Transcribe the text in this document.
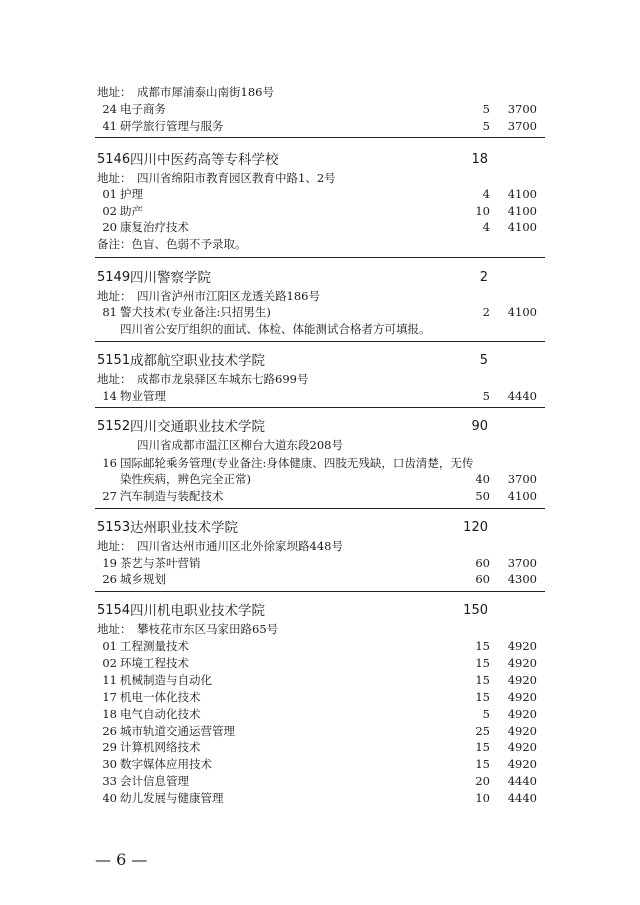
地址： 成都市犀浦泰山南街186号
24 电子商务	5	3700
41 研学旅行管理与服务	5	3700
5146 四川中医药高等专科学校	18
地址： 四川省绵阳市教育园区教育中路1、2号
01 护理	4	4100
02 助产	10	4100
20 康复治疗技术	4	4100
备注：色盲、色弱不予录取。
5149 四川警察学院	2
地址： 四川省泸州市江阳区龙透关路186号
81 警犬技术(专业备注:只招男生)	2	4100
四川省公安厅组织的面试、体检、体能测试合格者方可填报。
5151 成都航空职业技术学院	5
地址： 成都市龙泉驿区车城东七路699号
14 物业管理	5	4440
5152 四川交通职业技术学院	90
四川省成都市温江区柳台大道东段208号
16 国际邮轮乘务管理(专业备注:身体健康、四肢无残缺，口齿清楚，无传
染性疾病，辨色完全正常)	40	3700
27 汽车制造与装配技术	50	4100
5153 达州职业技术学院	120
地址： 四川省达州市通川区北外徐家坝路448号
19 茶艺与茶叶营销	60	3700
26 城乡规划	60	4300
5154 四川机电职业技术学院	150
地址： 攀枝花市东区马家田路65号
01 工程测量技术	15	4920
02 环境工程技术	15	4920
11 机械制造与自动化	15	4920
17 机电一体化技术	15	4920
18 电气自动化技术	5	4920
26 城市轨道交通运营管理	25	4920
29 计算机网络技术	15	4920
30 数字媒体应用技术	15	4920
33 会计信息管理	20	4440
40 幼儿发展与健康管理	10	4440
— 6 —
